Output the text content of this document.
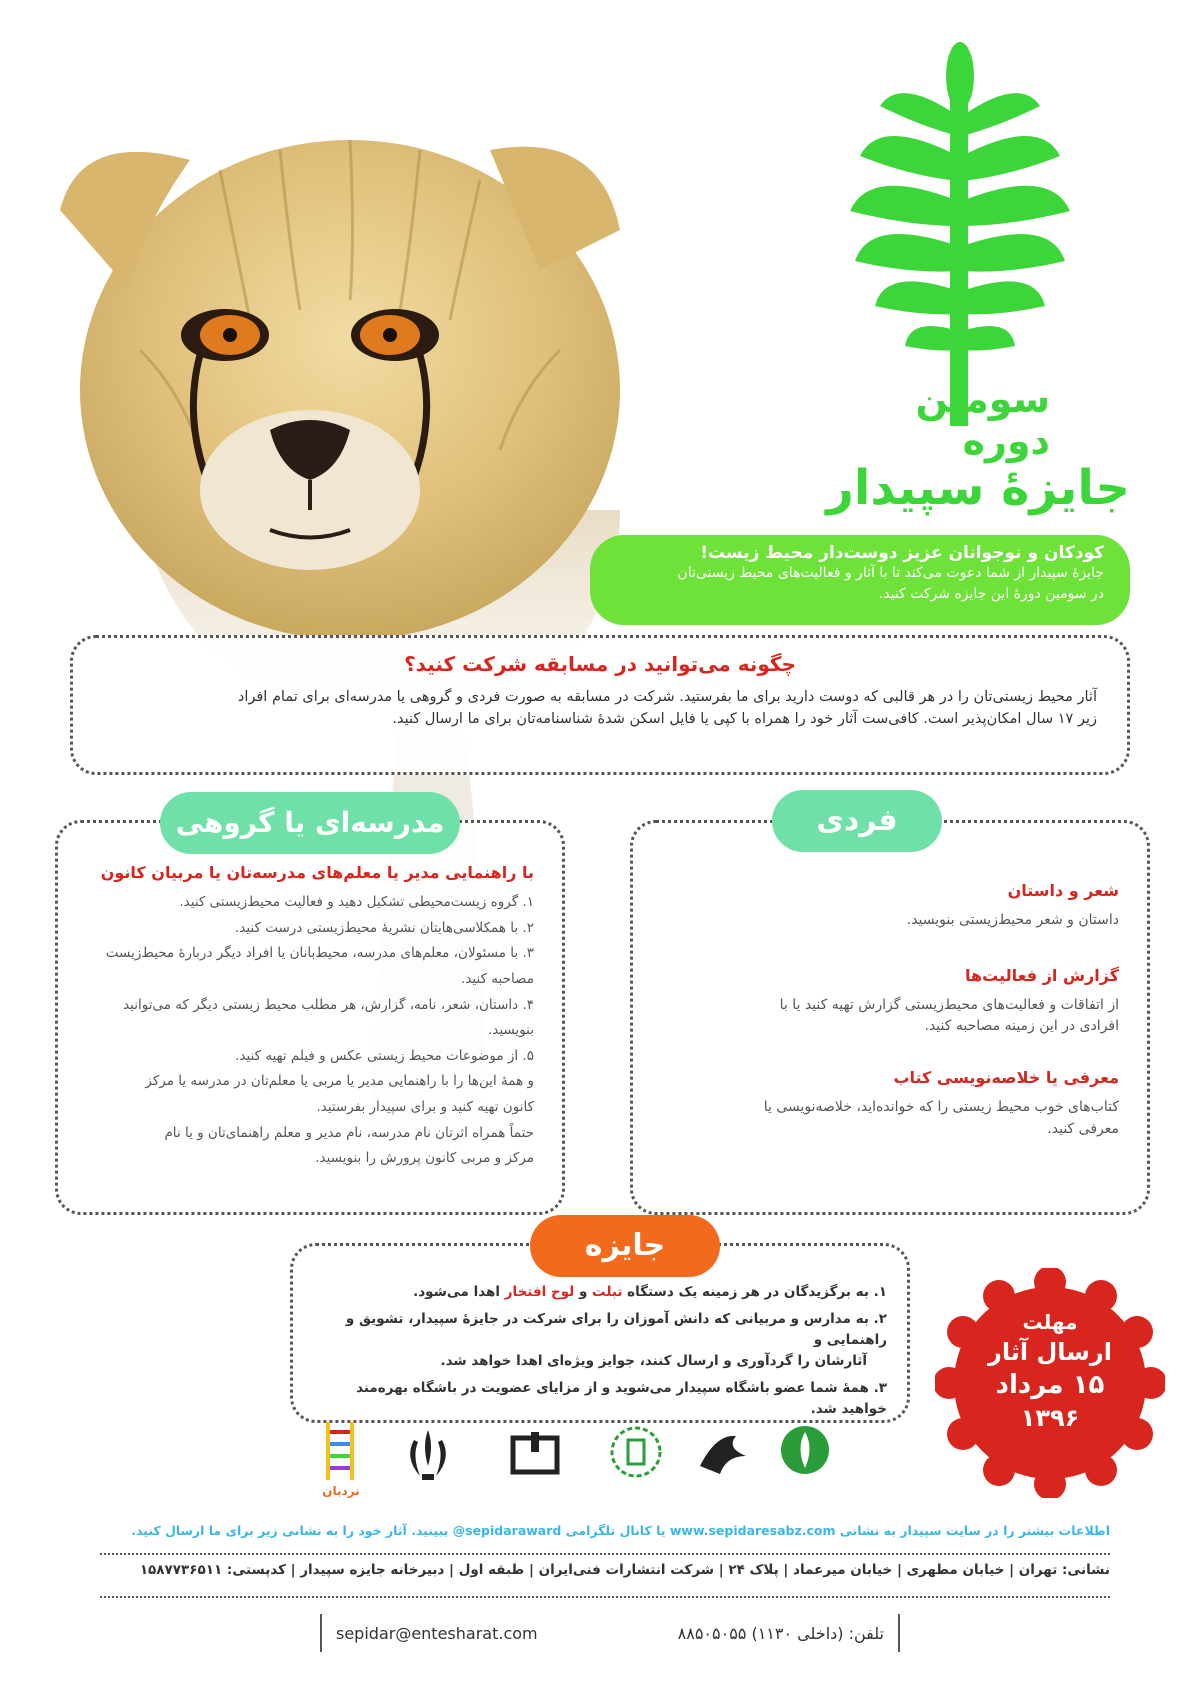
سومین
دوره
جایزهٔ سپیدار
کودکان و نوجوانان عزیز دوست‌دار محیط زیست!
جایزهٔ سپیدار از شما دعوت می‌کند تا با آثار و فعالیت‌های محیط زیستی‌تان
در سومین دورهٔ این جایزه شرکت کنید.
چگونه می‌توانید در مسابقه شرکت کنید؟

آثار محیط زیستی‌تان را در هر قالبی که دوست دارید برای ما بفرستید. شرکت در مسابقه به صورت فردی و گروهی یا مدرسه‌ای برای تمام افراد

زیر ۱۷ سال امکان‌پذیر است. کافی‌ست آثار خود را همراه با کپی یا فایل اسکن شدهٔ شناسنامه‌تان برای ما ارسال کنید.

با راهنمایی مدیر یا معلم‌های مدرسه‌تان یا مربیان کانون
۱. گروه زیست‌محیطی تشکیل دهید و فعالیت محیط‌زیستی کنید.
۲. با همکلاسی‌هایتان نشریهٔ محیط‌زیستی درست کنید.
۳. با مسئولان، معلم‌های مدرسه، محیط‌بانان یا افراد دیگر دربارهٔ محیط‌زیست
مصاحبه کنید.
۴. داستان، شعر، نامه، گزارش، هر مطلب محیط زیستی دیگر که می‌توانید
بنویسید.
۵. از موضوعات محیط زیستی عکس و فیلم تهیه کنید.
و همهٔ این‌ها را با راهنمایی مدیر یا مربی یا معلم‌تان در مدرسه یا مرکز
کانون تهیه کنید و برای سپیدار بفرستید.
حتماً همراه اثرتان نام مدرسه، نام مدیر و معلم راهنمای‌تان و یا نام
مرکز و مربی کانون پرورش را بنویسید.
مدرسه‌ای یا گروهی
شعر و داستان

داستان و شعر محیط‌زیستی بنویسید.

گزارش از فعالیت‌ها

از اتفاقات و فعالیت‌های محیط‌زیستی گزارش تهیه کنید یا با

افرادی در این زمینه مصاحبه کنید.

معرفی یا خلاصه‌نویسی کتاب

کتاب‌های خوب محیط زیستی را که خوانده‌اید، خلاصه‌نویسی یا

معرفی کنید.

فردی

۱. به برگزیدگان در هر زمینه یک دستگاه تبلت و لوح افتخار اهدا می‌شود.

۲. به مدارس و مربیانی که دانش آموزان را برای شرکت در جایزهٔ سپیدار، تشویق و راهنمایی و

آثارشان را گردآوری و ارسال کنند، جوایز ویژه‌ای اهدا خواهد شد.

۳. همهٔ شما عضو باشگاه سپیدار می‌شوید و از مزایای عضویت در باشگاه بهره‌مند خواهید شد.

جایزه
مهلت
ارسال آثار
۱۵ مرداد
۱۳۹۶
نردبان
اطلاعات بیشتر را در سایت سپیدار به نشانی www.sepidaresabz.com یا کانال تلگرامی sepidaraward@ ببینید. آثار خود را به نشانی زیر برای ما ارسال کنید.
نشانی: تهران | خیابان مطهری | خیابان میرعماد | پلاک ۲۴ | شرکت انتشارات فنی‌ایران | طبقه اول | دبیرخانه جایزه سپیدار | کدپستی: ۱۵۸۷۷۳۶۵۱۱
sepidar@entesharat.com	تلفن: (داخلی ۱۱۳۰) ۸۸۵۰۵۰۵۵
